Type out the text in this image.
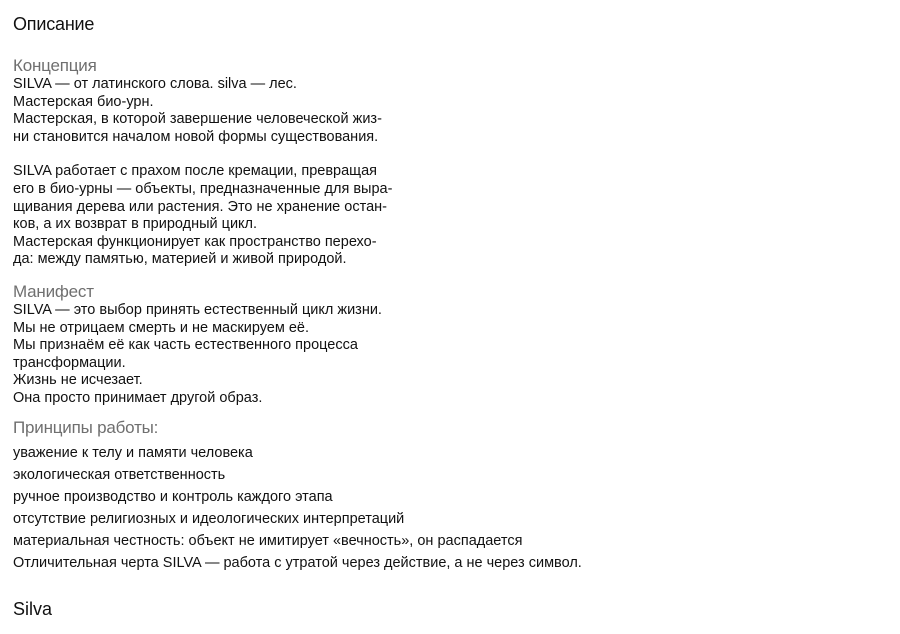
Описание
Концепция

SILVA — от латинского слова. silva — лес.

Мастерская био-урн.

Мастерская, в которой завершение человеческой жиз-

ни становится началом новой формы существования.

SILVA работает с прахом после кремации, превращая

его в био-урны — объекты, предназначенные для выра-

щивания дерева или растения. Это не хранение остан-

ков, а их возврат в природный цикл.

Мастерская функционирует как пространство перехо-

да: между памятью, материей и живой природой.

Манифест

SILVA — это выбор принять естественный цикл жизни.

Мы не отрицаем смерть и не маскируем её.

Мы признаём её как часть естественного процесса

трансформации.

Жизнь не исчезает.

Она просто принимает другой образ.

Принципы работы:

уважение к телу и памяти человека

экологическая ответственность

ручное производство и контроль каждого этапа

отсутствие религиозных и идеологических интерпретаций

материальная честность: объект не имитирует «вечность», он распадается

Отличительная черта SILVA — работа с утратой через действие, а не через символ.

Silva
